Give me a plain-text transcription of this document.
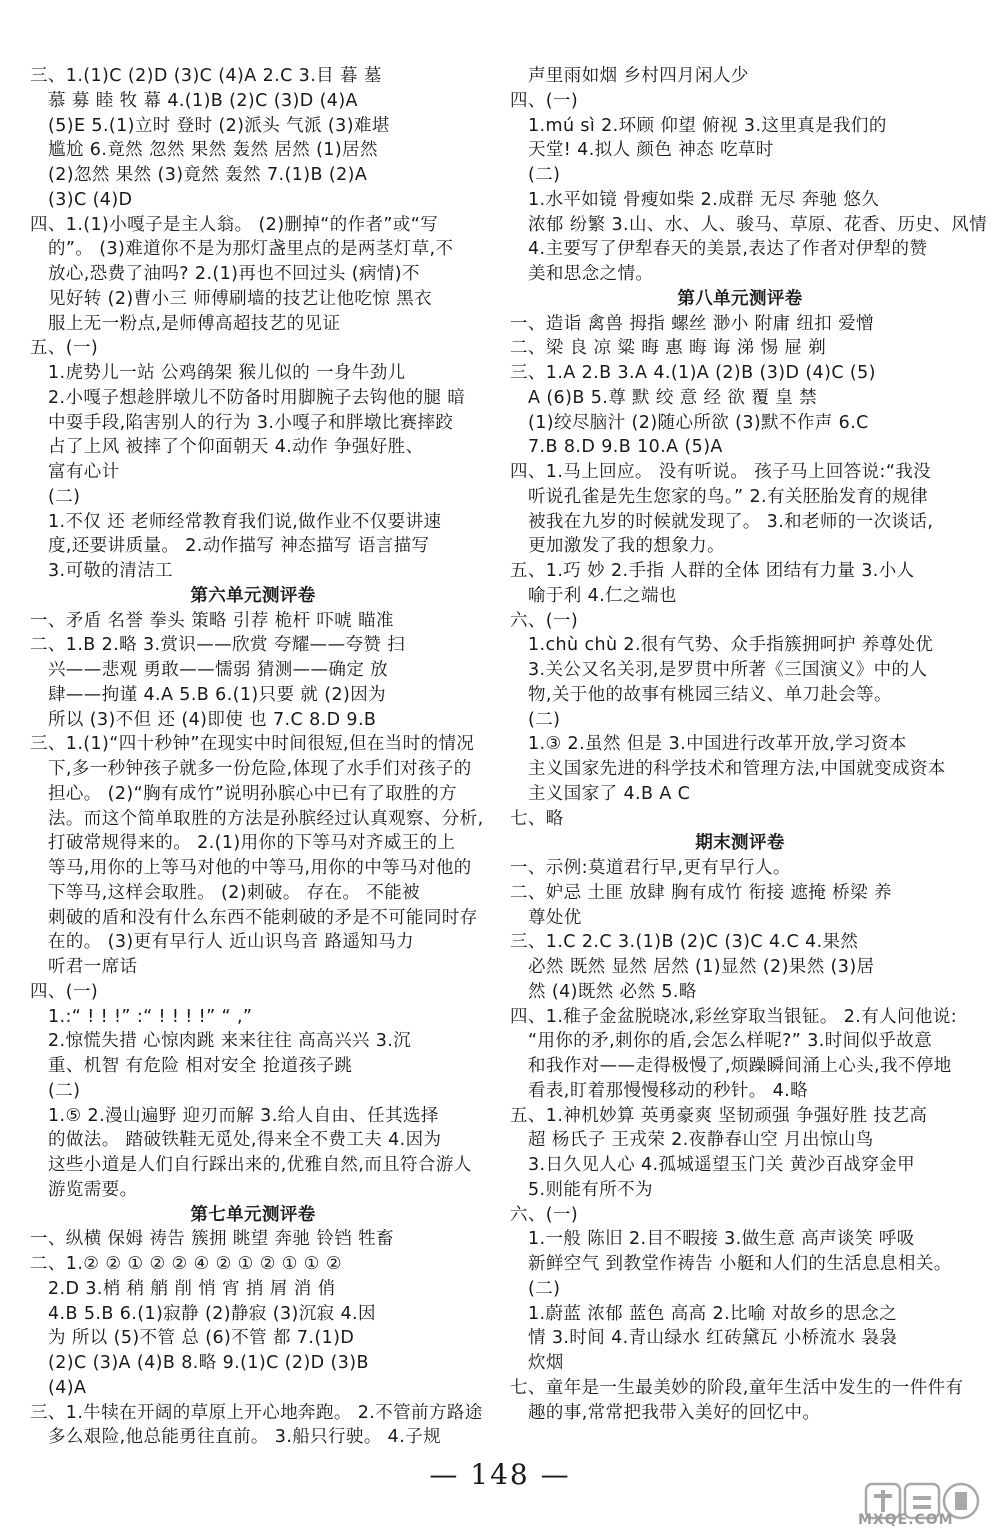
三、1.(1)C (2)D (3)C (4)A 2.C 3.目 暮 墓
慕 募 睦 牧 幕 4.(1)B (2)C (3)D (4)A
(5)E 5.(1)立时 登时 (2)派头 气派 (3)难堪
尴尬 6.竟然 忽然 果然 轰然 居然 (1)居然
(2)忽然 果然 (3)竟然 轰然 7.(1)B (2)A
(3)C (4)D
四、1.(1)小嘎子是主人翁。 (2)删掉“的作者”或“写
的”。 (3)难道你不是为那灯盏里点的是两茎灯草,不
放心,恐费了油吗? 2.(1)再也不回过头 (病情)不
见好转 (2)曹小三 师傅刷墙的技艺让他吃惊 黑衣
服上无一粉点,是师傅高超技艺的见证
五、(一)
1.虎势儿一站 公鸡鹐架 猴儿似的 一身牛劲儿
2.小嘎子想趁胖墩儿不防备时用脚腕子去钩他的腿 暗
中耍手段,陷害别人的行为 3.小嘎子和胖墩比赛摔跤
占了上风 被摔了个仰面朝天 4.动作 争强好胜、
富有心计
(二)
1.不仅 还 老师经常教育我们说,做作业不仅要讲速
度,还要讲质量。 2.动作描写 神态描写 语言描写
3.可敬的清洁工
第六单元测评卷
一、矛盾 名誉 拳头 策略 引荐 桅杆 吓唬 瞄准
二、1.B 2.略 3.赏识——欣赏 夸耀——夸赞 扫
兴——悲观 勇敢——懦弱 猜测——确定 放
肆——拘谨 4.A 5.B 6.(1)只要 就 (2)因为
所以 (3)不但 还 (4)即使 也 7.C 8.D 9.B
三、1.(1)“四十秒钟”在现实中时间很短,但在当时的情况
下,多一秒钟孩子就多一份危险,体现了水手们对孩子的
担心。 (2)“胸有成竹”说明孙膑心中已有了取胜的方
法。而这个简单取胜的方法是孙膑经过认真观察、分析,
打破常规得来的。 2.(1)用你的下等马对齐威王的上
等马,用你的上等马对他的中等马,用你的中等马对他的
下等马,这样会取胜。 (2)刺破。 存在。 不能被
刺破的盾和没有什么东西不能刺破的矛是不可能同时存
在的。 (3)更有早行人 近山识鸟音 路遥知马力
听君一席话
四、(一)
1.:“ ! ! !” :“ ! ! ! !” “ ,”
2.惊慌失措 心惊肉跳 来来往往 高高兴兴 3.沉
重、机智 有危险 相对安全 抢道孩子跳
(二)
1.⑤ 2.漫山遍野 迎刃而解 3.给人自由、任其选择
的做法。 踏破铁鞋无觅处,得来全不费工夫 4.因为
这些小道是人们自行踩出来的,优雅自然,而且符合游人
游览需要。
第七单元测评卷
一、纵横 保姆 祷告 簇拥 眺望 奔驰 铃铛 牲畜
二、1.② ② ① ② ② ④ ② ① ② ① ① ②
2.D 3.梢 稍 艄 削 悄 宵 捎 屑 消 俏
4.B 5.B 6.(1)寂静 (2)静寂 (3)沉寂 4.因
为 所以 (5)不管 总 (6)不管 都 7.(1)D
(2)C (3)A (4)B 8.略 9.(1)C (2)D (3)B
(4)A
三、1.牛犊在开阔的草原上开心地奔跑。 2.不管前方路途
多么艰险,他总能勇往直前。 3.船只行驶。 4.子规
声里雨如烟 乡村四月闲人少
四、(一)
1.mú sì 2.环顾 仰望 俯视 3.这里真是我们的
天堂! 4.拟人 颜色 神态 吃草时
(二)
1.水平如镜 骨瘦如柴 2.成群 无尽 奔驰 悠久
浓郁 纷繁 3.山、水、人、骏马、草原、花香、历史、风情
4.主要写了伊犁春天的美景,表达了作者对伊犁的赞
美和思念之情。
第八单元测评卷
一、造诣 禽兽 拇指 螺丝 渺小 附庸 纽扣 爱憎
二、梁 良 凉 粱 晦 惠 晦 诲 涕 惕 屉 剃
三、1.A 2.B 3.A 4.(1)A (2)B (3)D (4)C (5)
A (6)B 5.尊 默 绞 意 经 欲 覆 皇 禁
(1)绞尽脑汁 (2)随心所欲 (3)默不作声 6.C
7.B 8.D 9.B 10.A (5)A
四、1.马上回应。 没有听说。 孩子马上回答说:“我没
听说孔雀是先生您家的鸟。” 2.有关胚胎发育的规律
被我在九岁的时候就发现了。 3.和老师的一次谈话,
更加激发了我的想象力。
五、1.巧 妙 2.手指 人群的全体 团结有力量 3.小人
喻于利 4.仁之端也
六、(一)
1.chù chù 2.很有气势、众手指簇拥呵护 养尊处优
3.关公又名关羽,是罗贯中所著《三国演义》中的人
物,关于他的故事有桃园三结义、单刀赴会等。
(二)
1.③ 2.虽然 但是 3.中国进行改革开放,学习资本
主义国家先进的科学技术和管理方法,中国就变成资本
主义国家了 4.B A C
七、略
期末测评卷
一、示例:莫道君行早,更有早行人。
二、妒忌 土匪 放肆 胸有成竹 衔接 遮掩 桥梁 养
尊处优
三、1.C 2.C 3.(1)B (2)C (3)C 4.C 4.果然
必然 既然 显然 居然 (1)显然 (2)果然 (3)居
然 (4)既然 必然 5.略
四、1.稚子金盆脱晓冰,彩丝穿取当银钲。 2.有人问他说:
“用你的矛,刺你的盾,会怎么样呢?” 3.时间似乎故意
和我作对——走得极慢了,烦躁瞬间涌上心头,我不停地
看表,盯着那慢慢移动的秒针。 4.略
五、1.神机妙算 英勇豪爽 坚韧顽强 争强好胜 技艺高
超 杨氏子 王戎荣 2.夜静春山空 月出惊山鸟
3.日久见人心 4.孤城遥望玉门关 黄沙百战穿金甲
5.则能有所不为
六、(一)
1.一般 陈旧 2.目不暇接 3.做生意 高声谈笑 呼吸
新鲜空气 到教堂作祷告 小艇和人们的生活息息相关。
(二)
1.蔚蓝 浓郁 蓝色 高高 2.比喻 对故乡的思念之
情 3.时间 4.青山绿水 红砖黛瓦 小桥流水 袅袅
炊烟
七、童年是一生最美妙的阶段,童年生活中发生的一件件有
趣的事,常常把我带入美好的回忆中。
— 148 —
MXQE.COM
